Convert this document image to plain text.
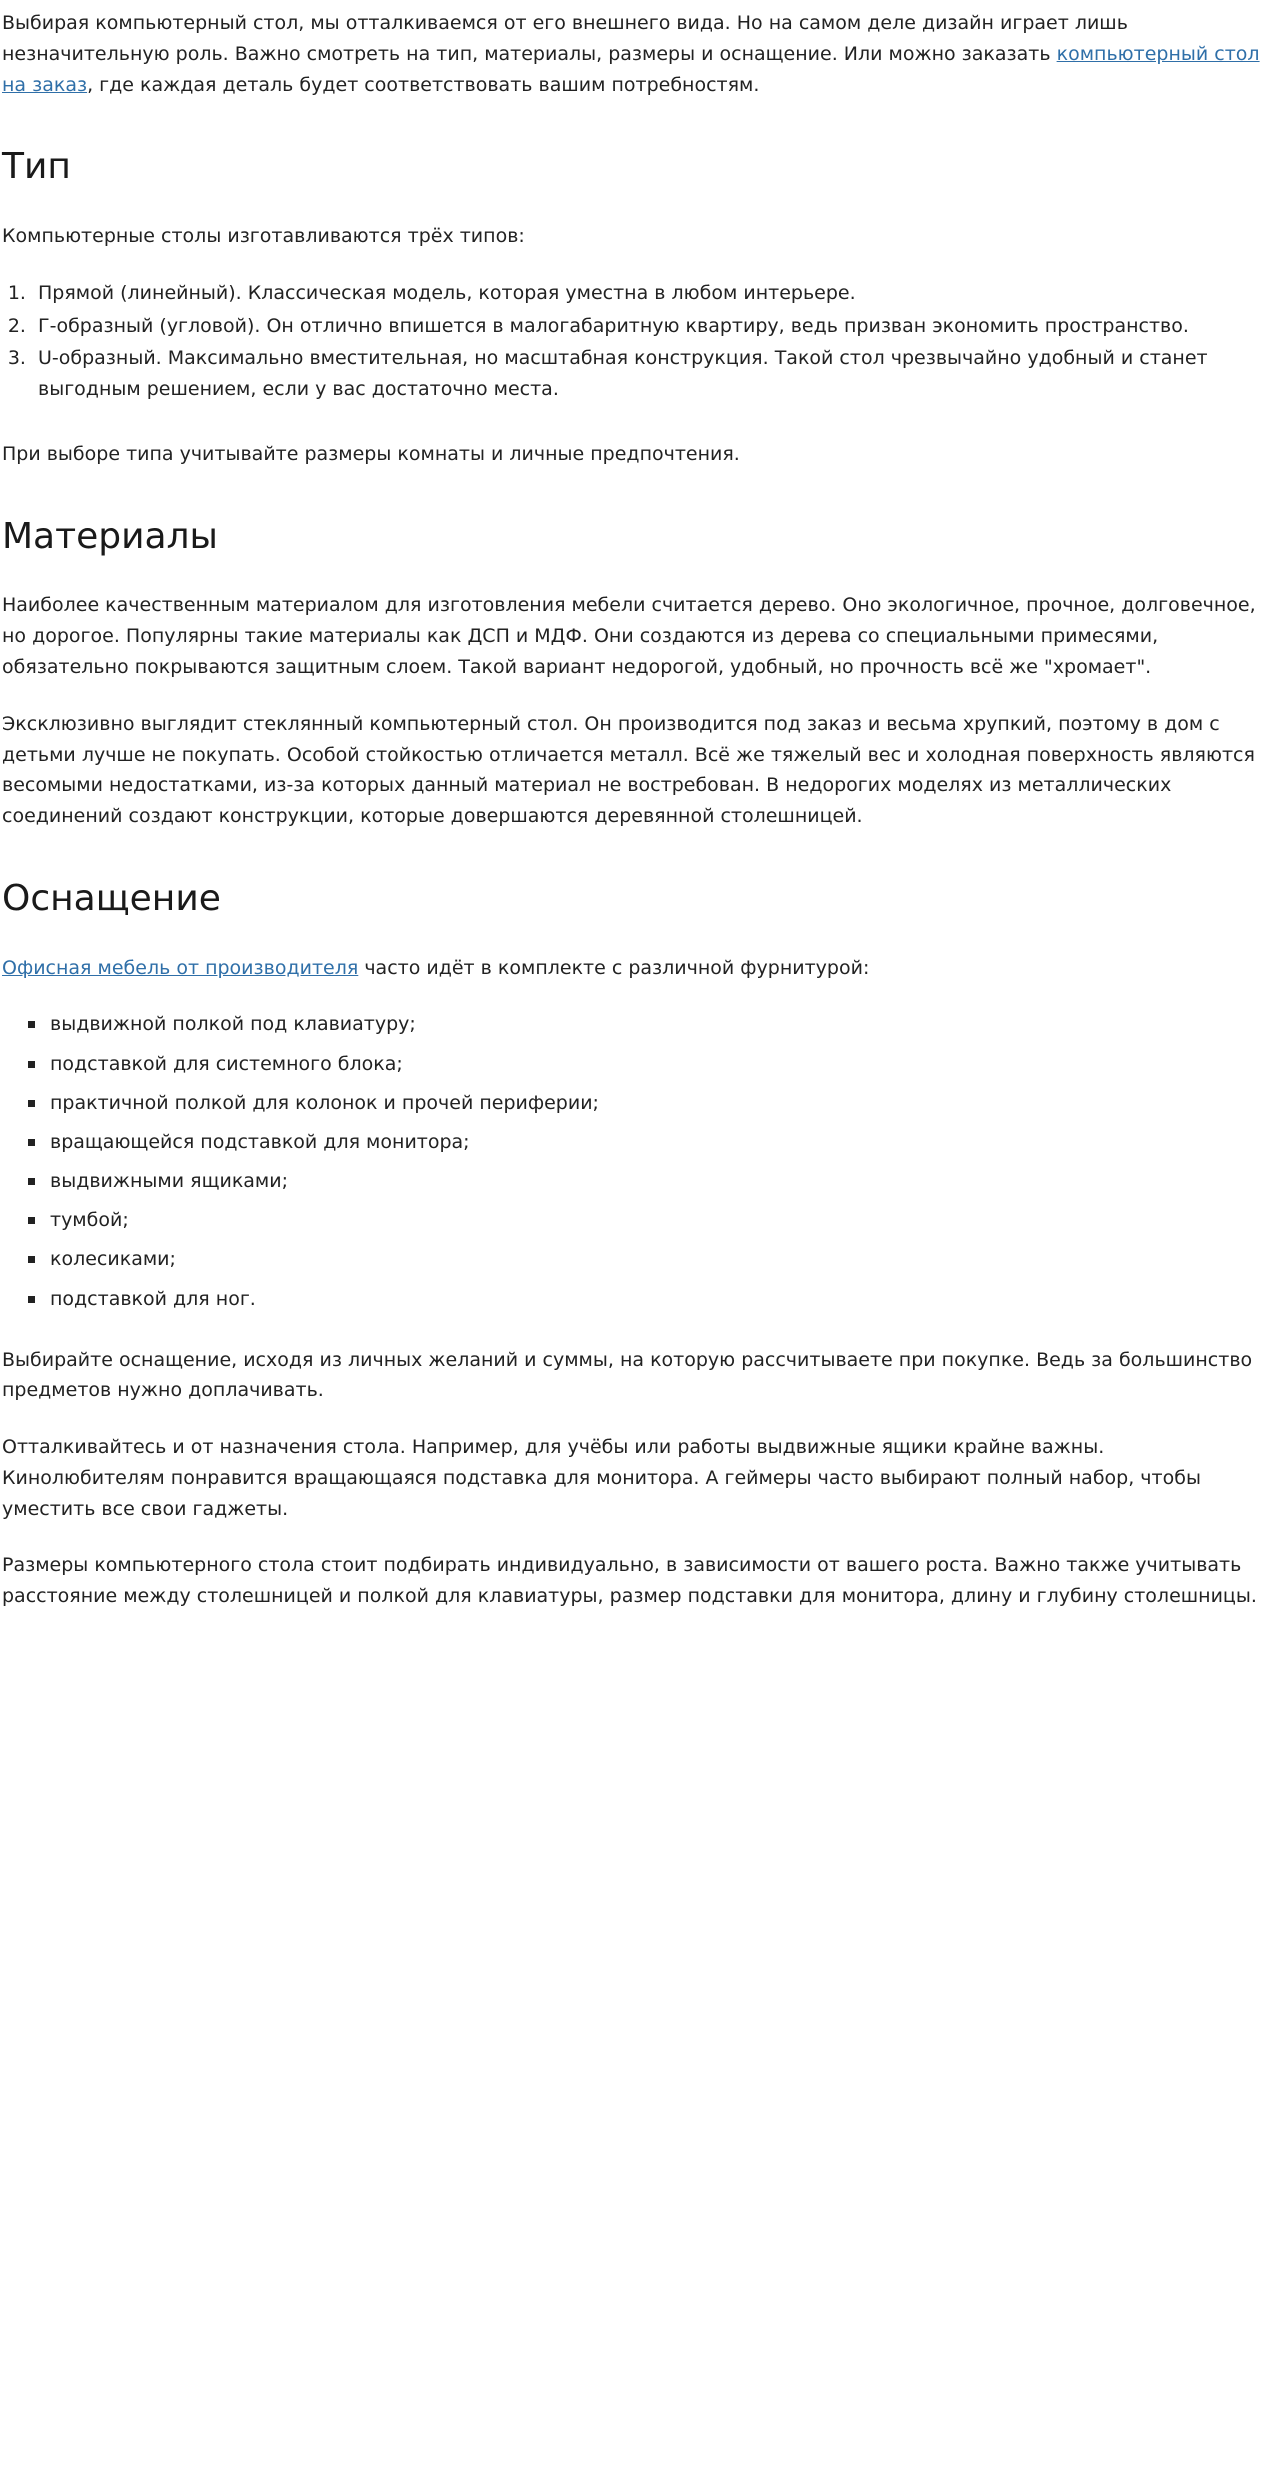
Выбирая компьютерный стол, мы отталкиваемся от его внешнего вида. Но на самом деле дизайн играет лишь незначительную роль. Важно смотреть на тип, материалы, размеры и оснащение. Или можно заказать компьютерный стол на заказ, где каждая деталь будет соответствовать вашим потребностям.

Тип

Компьютерные столы изготавливаются трёх типов:

1. Прямой (линейный). Классическая модель, которая уместна в любом интерьере.
2. Г-образный (угловой). Он отлично впишется в малогабаритную квартиру, ведь призван экономить пространство.
3. U-образный. Максимально вместительная, но масштабная конструкция. Такой стол чрезвычайно удобный и станет выгодным решением, если у вас достаточно места.

При выборе типа учитывайте размеры комнаты и личные предпочтения.

Материалы

Наиболее качественным материалом для изготовления мебели считается дерево. Оно экологичное, прочное, долговечное, но дорогое. Популярны такие материалы как ДСП и МДФ. Они создаются из дерева со специальными примесями, обязательно покрываются защитным слоем. Такой вариант недорогой, удобный, но прочность всё же "хромает".

Эксклюзивно выглядит стеклянный компьютерный стол. Он производится под заказ и весьма хрупкий, поэтому в дом с детьми лучше не покупать. Особой стойкостью отличается металл. Всё же тяжелый вес и холодная поверхность являются весомыми недостатками, из-за которых данный материал не востребован. В недорогих моделях из металлических соединений создают конструкции, которые довершаются деревянной столешницей.

Оснащение

Офисная мебель от производителя часто идёт в комплекте с различной фурнитурой:

выдвижной полкой под клавиатуру;
подставкой для системного блока;
практичной полкой для колонок и прочей периферии;
вращающейся подставкой для монитора;
выдвижными ящиками;
тумбой;
колесиками;
подставкой для ног.

Выбирайте оснащение, исходя из личных желаний и суммы, на которую рассчитываете при покупке. Ведь за большинство предметов нужно доплачивать.

Отталкивайтесь и от назначения стола. Например, для учёбы или работы выдвижные ящики крайне важны. Кинолюбителям понравится вращающаяся подставка для монитора. А геймеры часто выбирают полный набор, чтобы уместить все свои гаджеты.

Размеры компьютерного стола стоит подбирать индивидуально, в зависимости от вашего роста. Важно также учитывать расстояние между столешницей и полкой для клавиатуры, размер подставки для монитора, длину и глубину столешницы.
